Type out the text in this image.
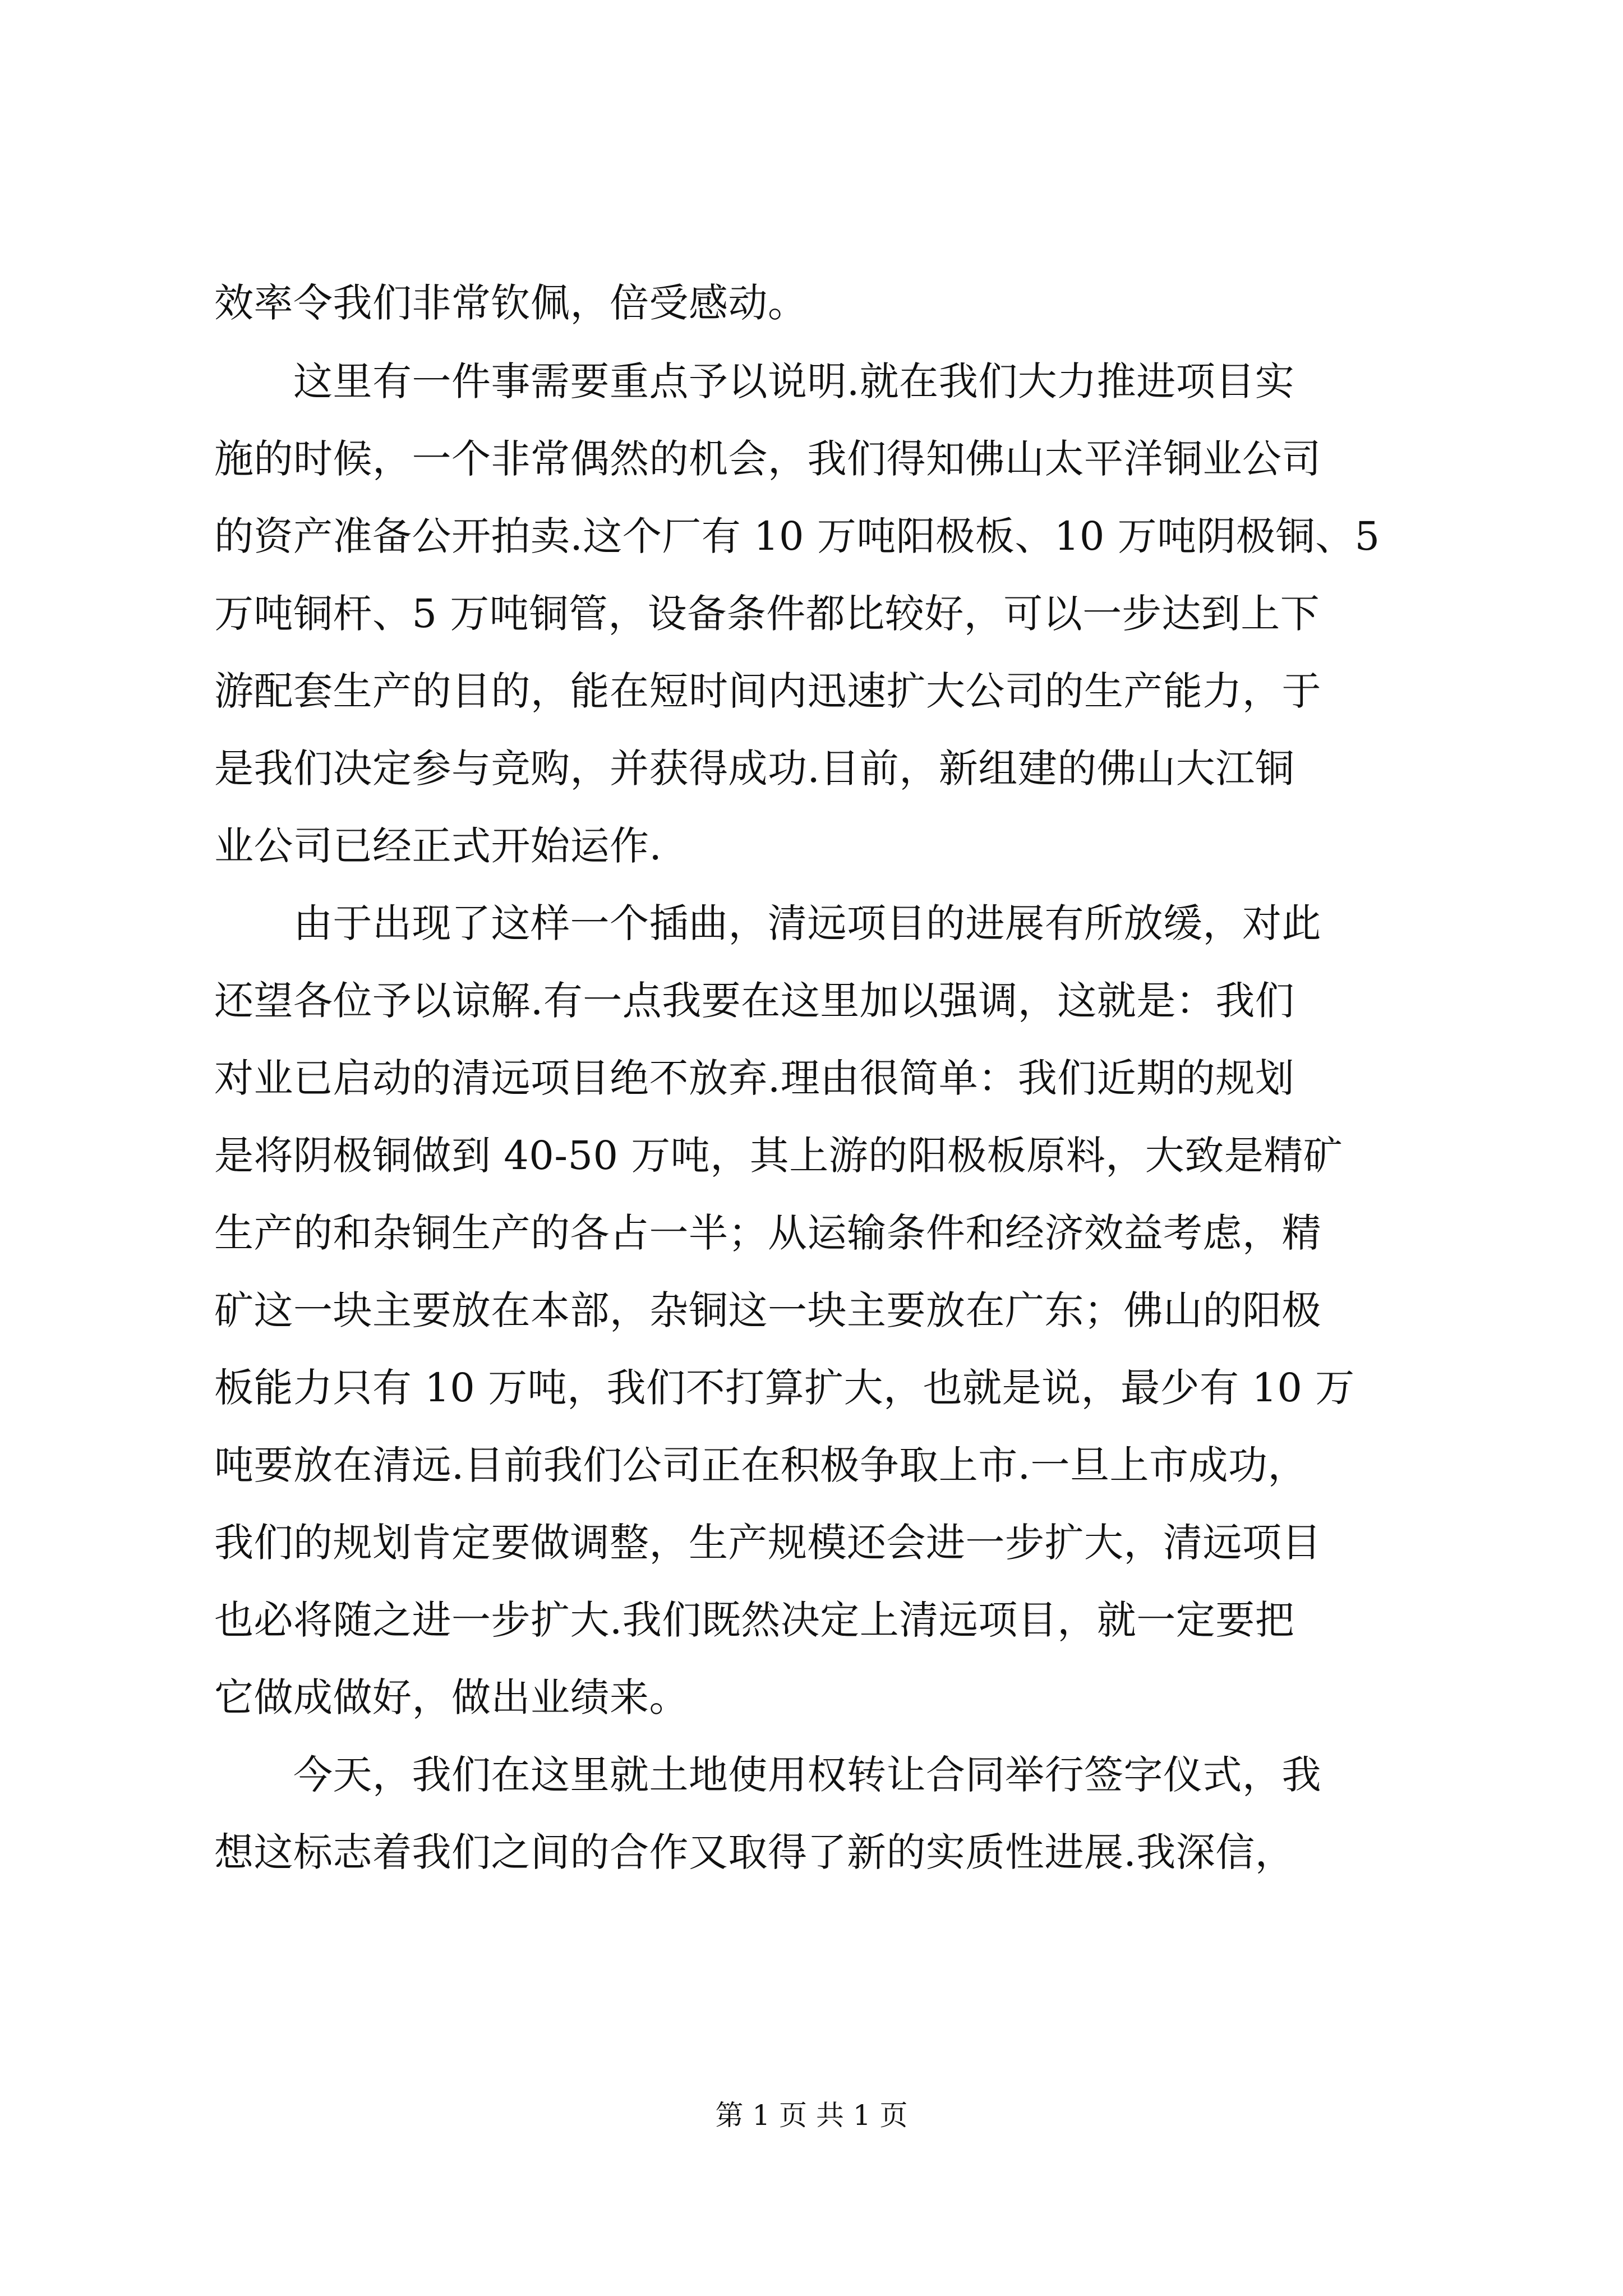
效率令我们非常钦佩，倍受感动。
　　这里有一件事需要重点予以说明.就在我们大力推进项目实
施的时候，一个非常偶然的机会，我们得知佛山太平洋铜业公司
的资产准备公开拍卖.这个厂有 10 万吨阳极板、10 万吨阴极铜、5
万吨铜杆、5 万吨铜管，设备条件都比较好，可以一步达到上下
游配套生产的目的，能在短时间内迅速扩大公司的生产能力，于
是我们决定参与竞购，并获得成功.目前，新组建的佛山大江铜
业公司已经正式开始运作.
　　由于出现了这样一个插曲，清远项目的进展有所放缓，对此
还望各位予以谅解.有一点我要在这里加以强调，这就是：我们
对业已启动的清远项目绝不放弃.理由很简单：我们近期的规划
是将阴极铜做到 40-50 万吨，其上游的阳极板原料，大致是精矿
生产的和杂铜生产的各占一半；从运输条件和经济效益考虑，精
矿这一块主要放在本部，杂铜这一块主要放在广东；佛山的阳极
板能力只有 10 万吨，我们不打算扩大，也就是说，最少有 10 万
吨要放在清远.目前我们公司正在积极争取上市.一旦上市成功，
我们的规划肯定要做调整，生产规模还会进一步扩大，清远项目
也必将随之进一步扩大.我们既然决定上清远项目，就一定要把
它做成做好，做出业绩来。
　　今天，我们在这里就土地使用权转让合同举行签字仪式，我
想这标志着我们之间的合作又取得了新的实质性进展.我深信，
第 1 页 共 1 页
